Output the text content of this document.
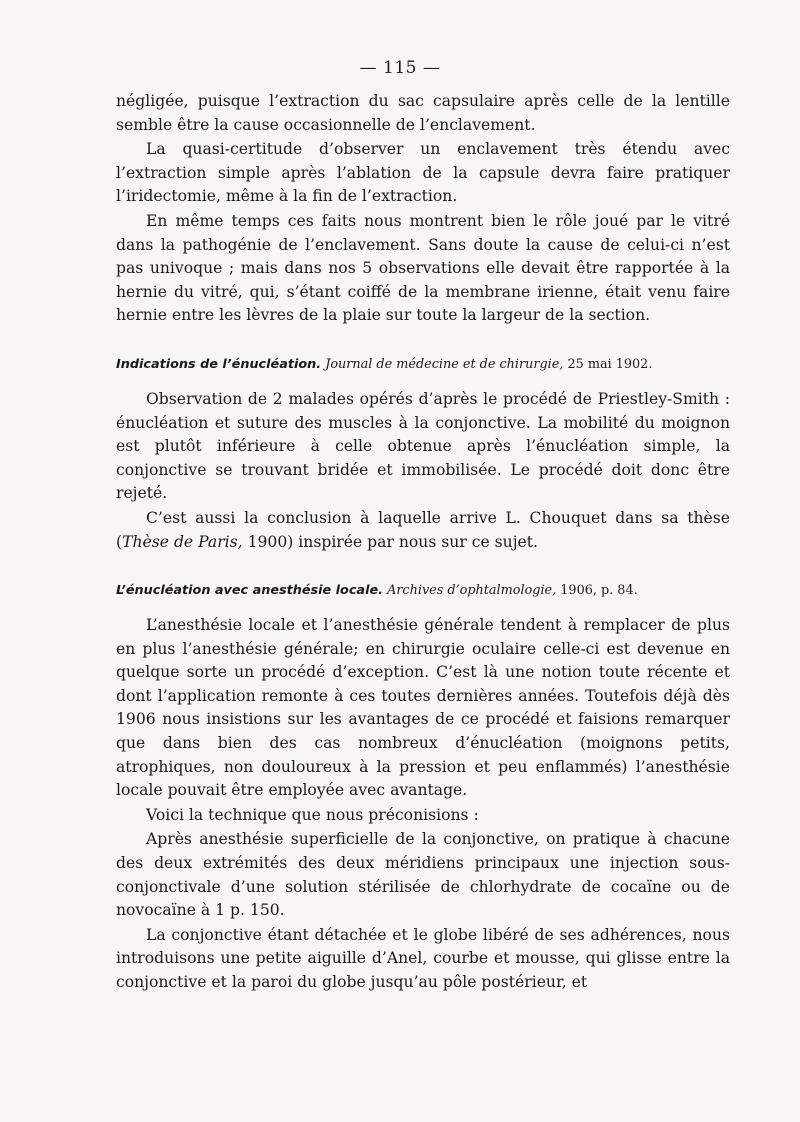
— 115 —

négligée, puisque l’extraction du sac capsulaire après celle de la lentille semble être la cause occasionnelle de l’enclavement.

La quasi-certitude d’observer un enclavement très étendu avec l’extraction simple après l’ablation de la capsule devra faire pratiquer l’iridectomie, même à la fin de l’extraction.

En même temps ces faits nous montrent bien le rôle joué par le vitré dans la pathogénie de l’enclavement. Sans doute la cause de celui-ci n’est pas univoque ; mais dans nos 5 observations elle devait être rapportée à la hernie du vitré, qui, s’étant coiffé de la membrane irienne, était venu faire hernie entre les lèvres de la plaie sur toute la largeur de la section.

Indications de l’énucléation. Journal de médecine et de chirurgie, 25 mai 1902.

Observation de 2 malades opérés d’après le procédé de Priestley-Smith : énucléation et suture des muscles à la conjonctive. La mobilité du moignon est plutôt inférieure à celle obtenue après l’énucléation simple, la conjonctive se trouvant bridée et immobilisée. Le procédé doit donc être rejeté.

C’est aussi la conclusion à laquelle arrive L. Chouquet dans sa thèse (Thèse de Paris, 1900) inspirée par nous sur ce sujet.

L’énucléation avec anesthésie locale. Archives d’ophtalmologie, 1906, p. 84.

L’anesthésie locale et l’anesthésie générale tendent à remplacer de plus en plus l’anesthésie générale; en chirurgie oculaire celle-ci est devenue en quelque sorte un procédé d’exception. C’est là une notion toute récente et dont l’application remonte à ces toutes dernières années. Toutefois déjà dès 1906 nous insistions sur les avantages de ce procédé et faisions remarquer que dans bien des cas nombreux d’énucléation (moignons petits, atrophiques, non douloureux à la pression et peu enflammés) l’anesthésie locale pouvait être employée avec avantage.

Voici la technique que nous préconisions :

Après anesthésie superficielle de la conjonctive, on pratique à chacune des deux extrémités des deux méridiens principaux une injection sous-conjonctivale d’une solution stérilisée de chlorhydrate de cocaïne ou de novocaïne à 1 p. 150.

La conjonctive étant détachée et le globe libéré de ses adhérences, nous introduisons une petite aiguille d’Anel, courbe et mousse, qui glisse entre la conjonctive et la paroi du globe jusqu’au pôle postérieur, et
